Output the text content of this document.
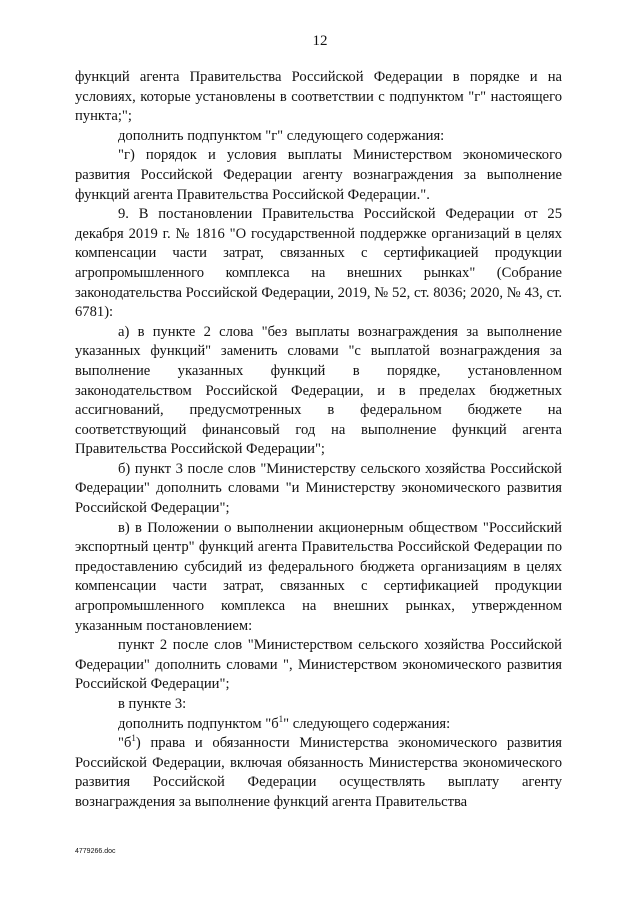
12

функций агента Правительства Российской Федерации в порядке и на условиях, которые установлены в соответствии с подпунктом "г" настоящего пункта;";

дополнить подпунктом "г" следующего содержания:

"г) порядок и условия выплаты Министерством экономического развития Российской Федерации агенту вознаграждения за выполнение функций агента Правительства Российской Федерации.".

9. В постановлении Правительства Российской Федерации от 25 декабря 2019 г. № 1816 "О государственной поддержке организаций в целях компенсации части затрат, связанных с сертификацией продукции агропромышленного комплекса на внешних рынках" (Собрание законодательства Российской Федерации, 2019, № 52, ст. 8036; 2020, № 43, ст. 6781):

а) в пункте 2 слова "без выплаты вознаграждения за выполнение указанных функций" заменить словами "с выплатой вознаграждения за выполнение указанных функций в порядке, установленном законодательством Российской Федерации, и в пределах бюджетных ассигнований, предусмотренных в федеральном бюджете на соответствующий финансовый год на выполнение функций агента Правительства Российской Федерации";

б) пункт 3 после слов "Министерству сельского хозяйства Российской Федерации" дополнить словами "и Министерству экономического развития Российской Федерации";

в) в Положении о выполнении акционерным обществом "Российский экспортный центр" функций агента Правительства Российской Федерации по предоставлению субсидий из федерального бюджета организациям в целях компенсации части затрат, связанных с сертификацией продукции агропромышленного комплекса на внешних рынках, утвержденном указанным постановлением:

пункт 2 после слов "Министерством сельского хозяйства Российской Федерации" дополнить словами ", Министерством экономического развития Российской Федерации";

в пункте 3:

дополнить подпунктом "$б^1$" следующего содержания:

"$б^1$) права и обязанности Министерства экономического развития Российской Федерации, включая обязанность Министерства экономического развития Российской Федерации осуществлять выплату агенту вознаграждения за выполнение функций агента Правительства

4779266.doc
